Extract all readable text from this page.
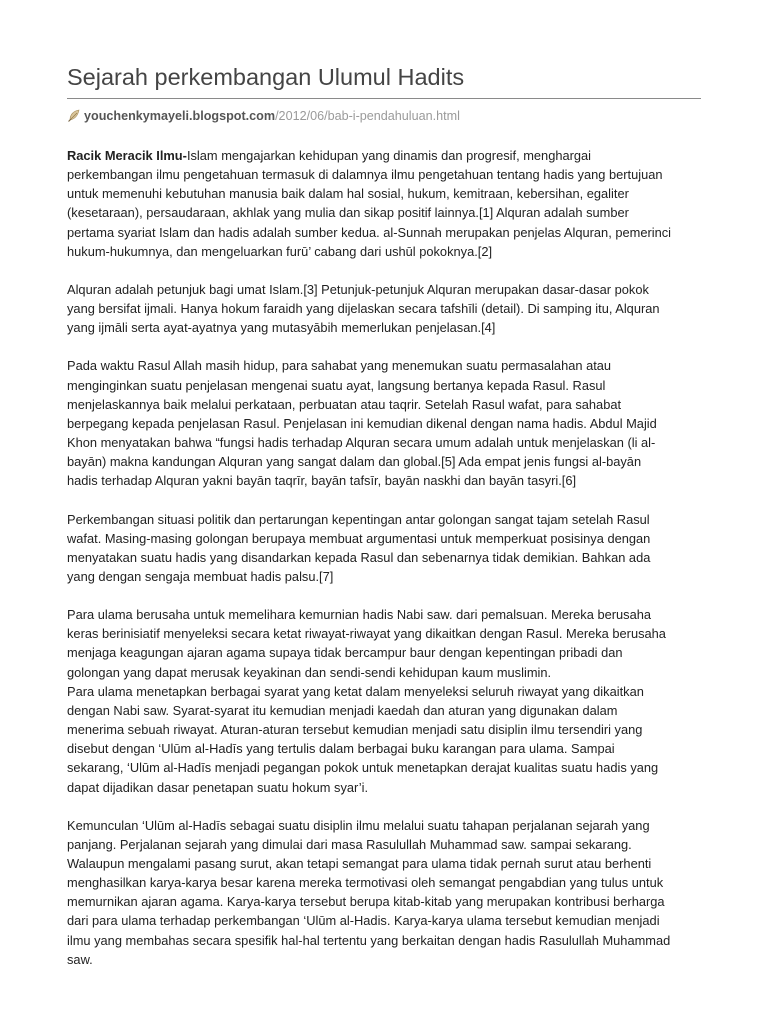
Sejarah perkembangan Ulumul Hadits
youchenkymayeli.blogspot.com /2012/06/bab-i-pendahuluan.html

Racik Meracik Ilmu-Islam mengajarkan kehidupan yang dinamis dan progresif, menghargai
perkembangan ilmu pengetahuan termasuk di dalamnya ilmu pengetahuan tentang hadis yang bertujuan
untuk memenuhi kebutuhan manusia baik dalam hal sosial, hukum, kemitraan, kebersihan, egaliter
(kesetaraan), persaudaraan, akhlak yang mulia dan sikap positif lainnya.[1] Alquran adalah sumber
pertama syariat Islam dan hadis adalah sumber kedua. al-Sunnah merupakan penjelas Alquran, pemerinci
hukum-hukumnya, dan mengeluarkan furū’ cabang dari ushūl pokoknya.[2]

Alquran adalah petunjuk bagi umat Islam.[3] Petunjuk-petunjuk Alquran merupakan dasar-dasar pokok
yang bersifat ijmali. Hanya hokum faraidh yang dijelaskan secara tafshīli (detail). Di samping itu, Alquran
yang ijmāli serta ayat-ayatnya yang mutasyābih memerlukan penjelasan.[4]

Pada waktu Rasul Allah masih hidup, para sahabat yang menemukan suatu permasalahan atau
menginginkan suatu penjelasan mengenai suatu ayat, langsung bertanya kepada Rasul. Rasul
menjelaskannya baik melalui perkataan, perbuatan atau taqrir. Setelah Rasul wafat, para sahabat
berpegang kepada penjelasan Rasul. Penjelasan ini kemudian dikenal dengan nama hadis. Abdul Majid
Khon menyatakan bahwa “fungsi hadis terhadap Alquran secara umum adalah untuk menjelaskan (li al-
bayān) makna kandungan Alquran yang sangat dalam dan global.[5] Ada empat jenis fungsi al-bayān
hadis terhadap Alquran yakni bayān taqrīr, bayān tafsīr, bayān naskhi dan bayān tasyri.[6]

Perkembangan situasi politik dan pertarungan kepentingan antar golongan sangat tajam setelah Rasul
wafat. Masing-masing golongan berupaya membuat argumentasi untuk memperkuat posisinya dengan
menyatakan suatu hadis yang disandarkan kepada Rasul dan sebenarnya tidak demikian. Bahkan ada
yang dengan sengaja membuat hadis palsu.[7]

Para ulama berusaha untuk memelihara kemurnian hadis Nabi saw. dari pemalsuan. Mereka berusaha
keras berinisiatif menyeleksi secara ketat riwayat-riwayat yang dikaitkan dengan Rasul. Mereka berusaha
menjaga keagungan ajaran agama supaya tidak bercampur baur dengan kepentingan pribadi dan
golongan yang dapat merusak keyakinan dan sendi-sendi kehidupan kaum muslimin.

Para ulama menetapkan berbagai syarat yang ketat dalam menyeleksi seluruh riwayat yang dikaitkan
dengan Nabi saw. Syarat-syarat itu kemudian menjadi kaedah dan aturan yang digunakan dalam
menerima sebuah riwayat. Aturan-aturan tersebut kemudian menjadi satu disiplin ilmu tersendiri yang
disebut dengan ‘Ulūm al-Hadīs yang tertulis dalam berbagai buku karangan para ulama. Sampai
sekarang, ‘Ulūm al-Hadīs menjadi pegangan pokok untuk menetapkan derajat kualitas suatu hadis yang
dapat dijadikan dasar penetapan suatu hokum syar’i.

Kemunculan ‘Ulūm al-Hadīs sebagai suatu disiplin ilmu melalui suatu tahapan perjalanan sejarah yang
panjang. Perjalanan sejarah yang dimulai dari masa Rasulullah Muhammad saw. sampai sekarang.
Walaupun mengalami pasang surut, akan tetapi semangat para ulama tidak pernah surut atau berhenti
menghasilkan karya-karya besar karena mereka termotivasi oleh semangat pengabdian yang tulus untuk
memurnikan ajaran agama. Karya-karya tersebut berupa kitab-kitab yang merupakan kontribusi berharga
dari para ulama terhadap perkembangan ‘Ulūm al-Hadis. Karya-karya ulama tersebut kemudian menjadi
ilmu yang membahas secara spesifik hal-hal tertentu yang berkaitan dengan hadis Rasulullah Muhammad
saw.
